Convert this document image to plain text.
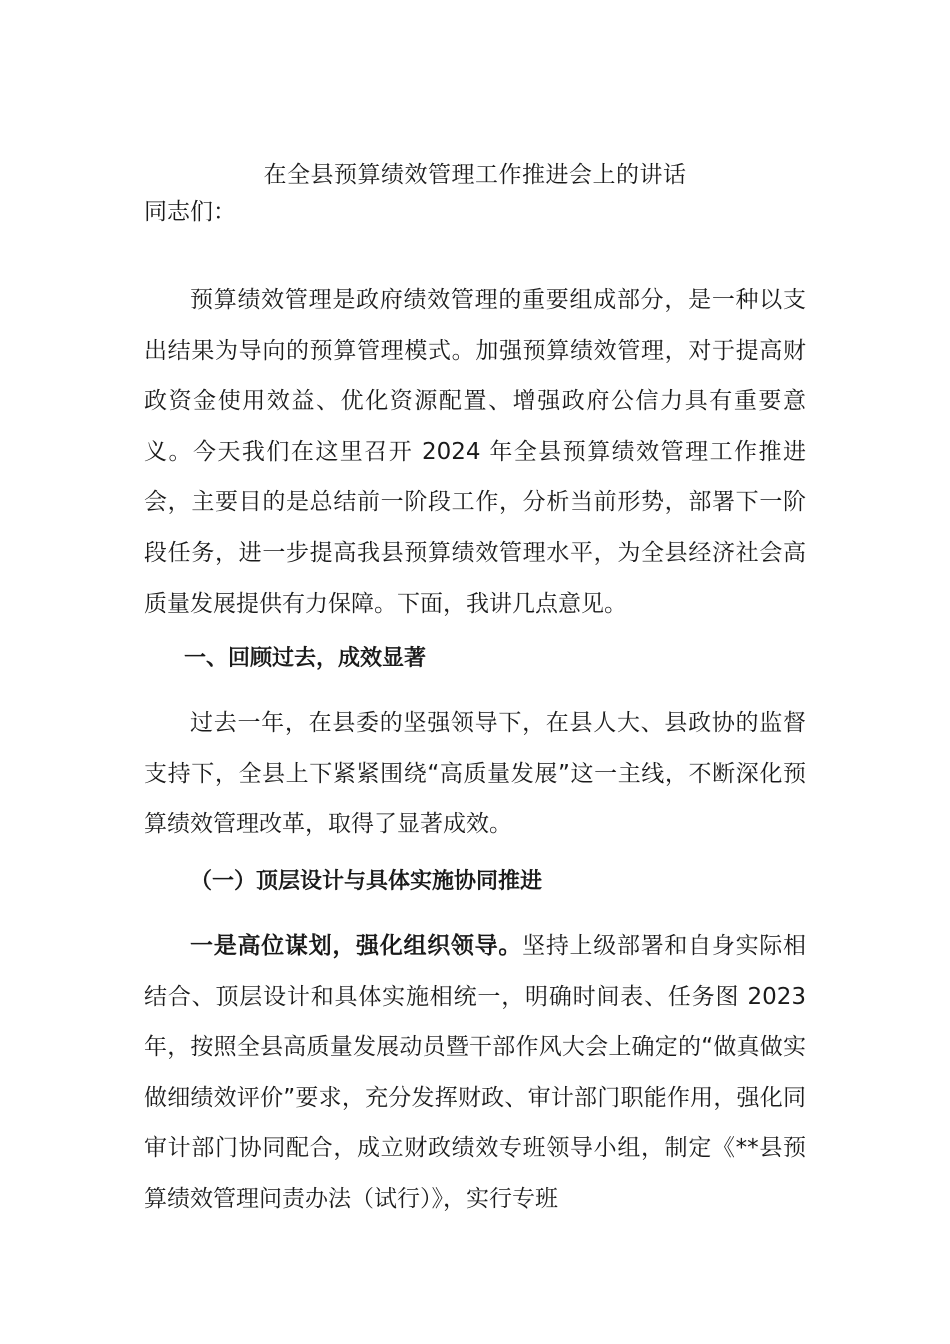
在全县预算绩效管理工作推进会上的讲话
同志们：
预算绩效管理是政府绩效管理的重要组成部分，是一种以支出结果为导向的预算管理模式。加强预算绩效管理，对于提高财政资金使用效益、优化资源配置、增强政府公信力具有重要意义。今天我们在这里召开 2024 年全县预算绩效管理工作推进会，主要目的是总结前一阶段工作，分析当前形势，部署下一阶段任务，进一步提高我县预算绩效管理水平，为全县经济社会高质量发展提供有力保障。下面，我讲几点意见。
一、回顾过去，成效显著
过去一年，在县委的坚强领导下，在县人大、县政协的监督支持下，全县上下紧紧围绕“高质量发展”这一主线，不断深化预算绩效管理改革，取得了显著成效。
（一）顶层设计与具体实施协同推进
一是高位谋划，强化组织领导。坚持上级部署和自身实际相结合、顶层设计和具体实施相统一，明确时间表、任务图 2023 年，按照全县高质量发展动员暨干部作风大会上确定的“做真做实做细绩效评价”要求，充分发挥财政、审计部门职能作用，强化同审计部门协同配合，成立财政绩效专班领导小组，制定《**县预算绩效管理问责办法（试行）》，实行专班
